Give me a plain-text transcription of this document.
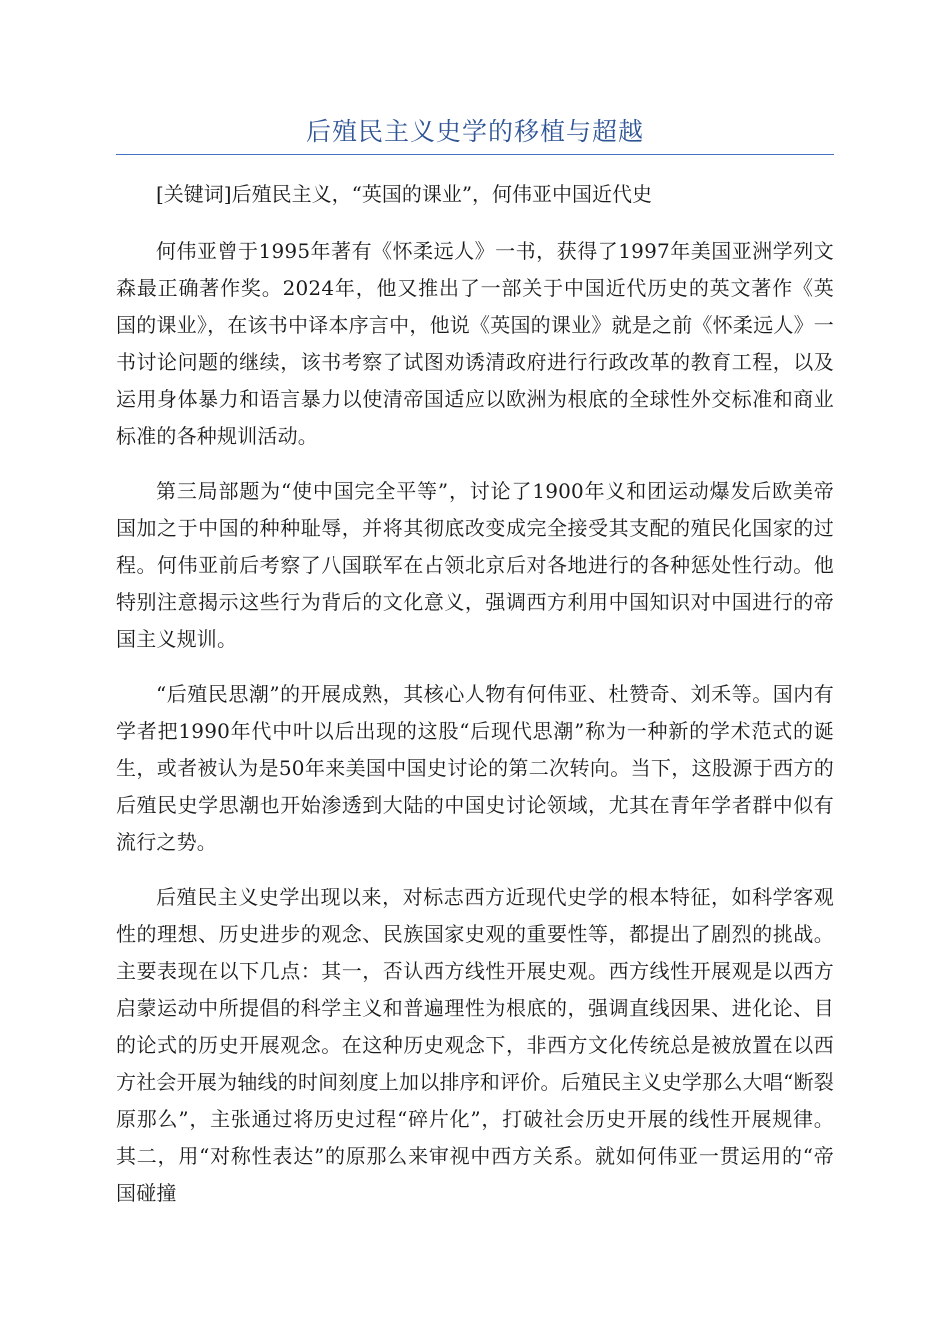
后殖民主义史学的移植与超越

[关键词]后殖民主义，“英国的课业”，何伟亚中国近代史

何伟亚曾于1995年著有《怀柔远人》一书，获得了1997年美国亚洲学列文森最正确著作奖。2024年，他又推出了一部关于中国近代历史的英文著作《英国的课业》，在该书中译本序言中，他说《英国的课业》就是之前《怀柔远人》一书讨论问题的继续，该书考察了试图劝诱清政府进行行政改革的教育工程，以及运用身体暴力和语言暴力以使清帝国适应以欧洲为根底的全球性外交标准和商业标准的各种规训活动。

第三局部题为“使中国完全平等”，讨论了1900年义和团运动爆发后欧美帝国加之于中国的种种耻辱，并将其彻底改变成完全接受其支配的殖民化国家的过程。何伟亚前后考察了八国联军在占领北京后对各地进行的各种惩处性行动。他特别注意揭示这些行为背后的文化意义，强调西方利用中国知识对中国进行的帝国主义规训。

“后殖民思潮”的开展成熟，其核心人物有何伟亚、杜赞奇、刘禾等。国内有学者把1990年代中叶以后出现的这股“后现代思潮”称为一种新的学术范式的诞生，或者被认为是50年来美国中国史讨论的第二次转向。当下，这股源于西方的后殖民史学思潮也开始渗透到大陆的中国史讨论领域，尤其在青年学者群中似有流行之势。

后殖民主义史学出现以来，对标志西方近现代史学的根本特征，如科学客观性的理想、历史进步的观念、民族国家史观的重要性等，都提出了剧烈的挑战。主要表现在以下几点：其一，否认西方线性开展史观。西方线性开展观是以西方启蒙运动中所提倡的科学主义和普遍理性为根底的，强调直线因果、进化论、目的论式的历史开展观念。在这种历史观念下，非西方文化传统总是被放置在以西方社会开展为轴线的时间刻度上加以排序和评价。后殖民主义史学那么大唱“断裂原那么”，主张通过将历史过程“碎片化”，打破社会历史开展的线性开展规律。其二，用“对称性表达”的原那么来审视中西方关系。就如何伟亚一贯运用的“帝国碰撞
